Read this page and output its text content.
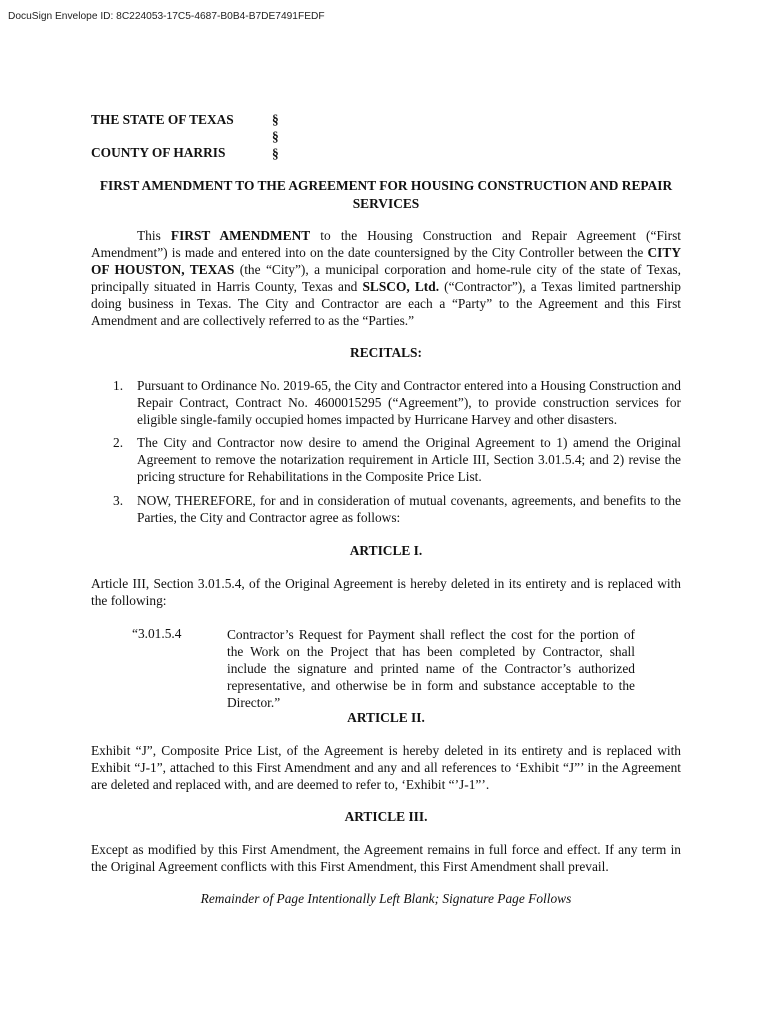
DocuSign Envelope ID: 8C224053-17C5-4687-B0B4-B7DE7491FEDF
THE STATE OF TEXAS
COUNTY OF HARRIS
§
§
§
FIRST AMENDMENT TO THE AGREEMENT FOR HOUSING CONSTRUCTION AND REPAIR SERVICES
This FIRST AMENDMENT to the Housing Construction and Repair Agreement (“First Amendment”) is made and entered into on the date countersigned by the City Controller between the CITY OF HOUSTON, TEXAS (the “City”), a municipal corporation and home-rule city of the state of Texas, principally situated in Harris County, Texas and SLSCO, Ltd. (“Contractor”), a Texas limited partnership doing business in Texas. The City and Contractor are each a “Party” to the Agreement and this First Amendment and are collectively referred to as the “Parties.”
RECITALS:
1. Pursuant to Ordinance No. 2019-65, the City and Contractor entered into a Housing Construction and Repair Contract, Contract No. 4600015295 (“Agreement”), to provide construction services for eligible single-family occupied homes impacted by Hurricane Harvey and other disasters.
2. The City and Contractor now desire to amend the Original Agreement to 1) amend the Original Agreement to remove the notarization requirement in Article III, Section 3.01.5.4; and 2) revise the pricing structure for Rehabilitations in the Composite Price List.
3. NOW, THEREFORE, for and in consideration of mutual covenants, agreements, and benefits to the Parties, the City and Contractor agree as follows:
ARTICLE I.
Article III, Section 3.01.5.4, of the Original Agreement is hereby deleted in its entirety and is replaced with the following:
“3.01.5.4	Contractor’s Request for Payment shall reflect the cost for the portion of the Work on the Project that has been completed by Contractor, shall include the signature and printed name of the Contractor’s authorized representative, and otherwise be in form and substance acceptable to the Director.”
ARTICLE II.
Exhibit “J”, Composite Price List, of the Agreement is hereby deleted in its entirety and is replaced with Exhibit “J-1”, attached to this First Amendment and any and all references to ‘Exhibit “J”’ in the Agreement are deleted and replaced with, and are deemed to refer to, ‘Exhibit “’J-1”’.
ARTICLE III.
Except as modified by this First Amendment, the Agreement remains in full force and effect. If any term in the Original Agreement conflicts with this First Amendment, this First Amendment shall prevail.
Remainder of Page Intentionally Left Blank; Signature Page Follows
